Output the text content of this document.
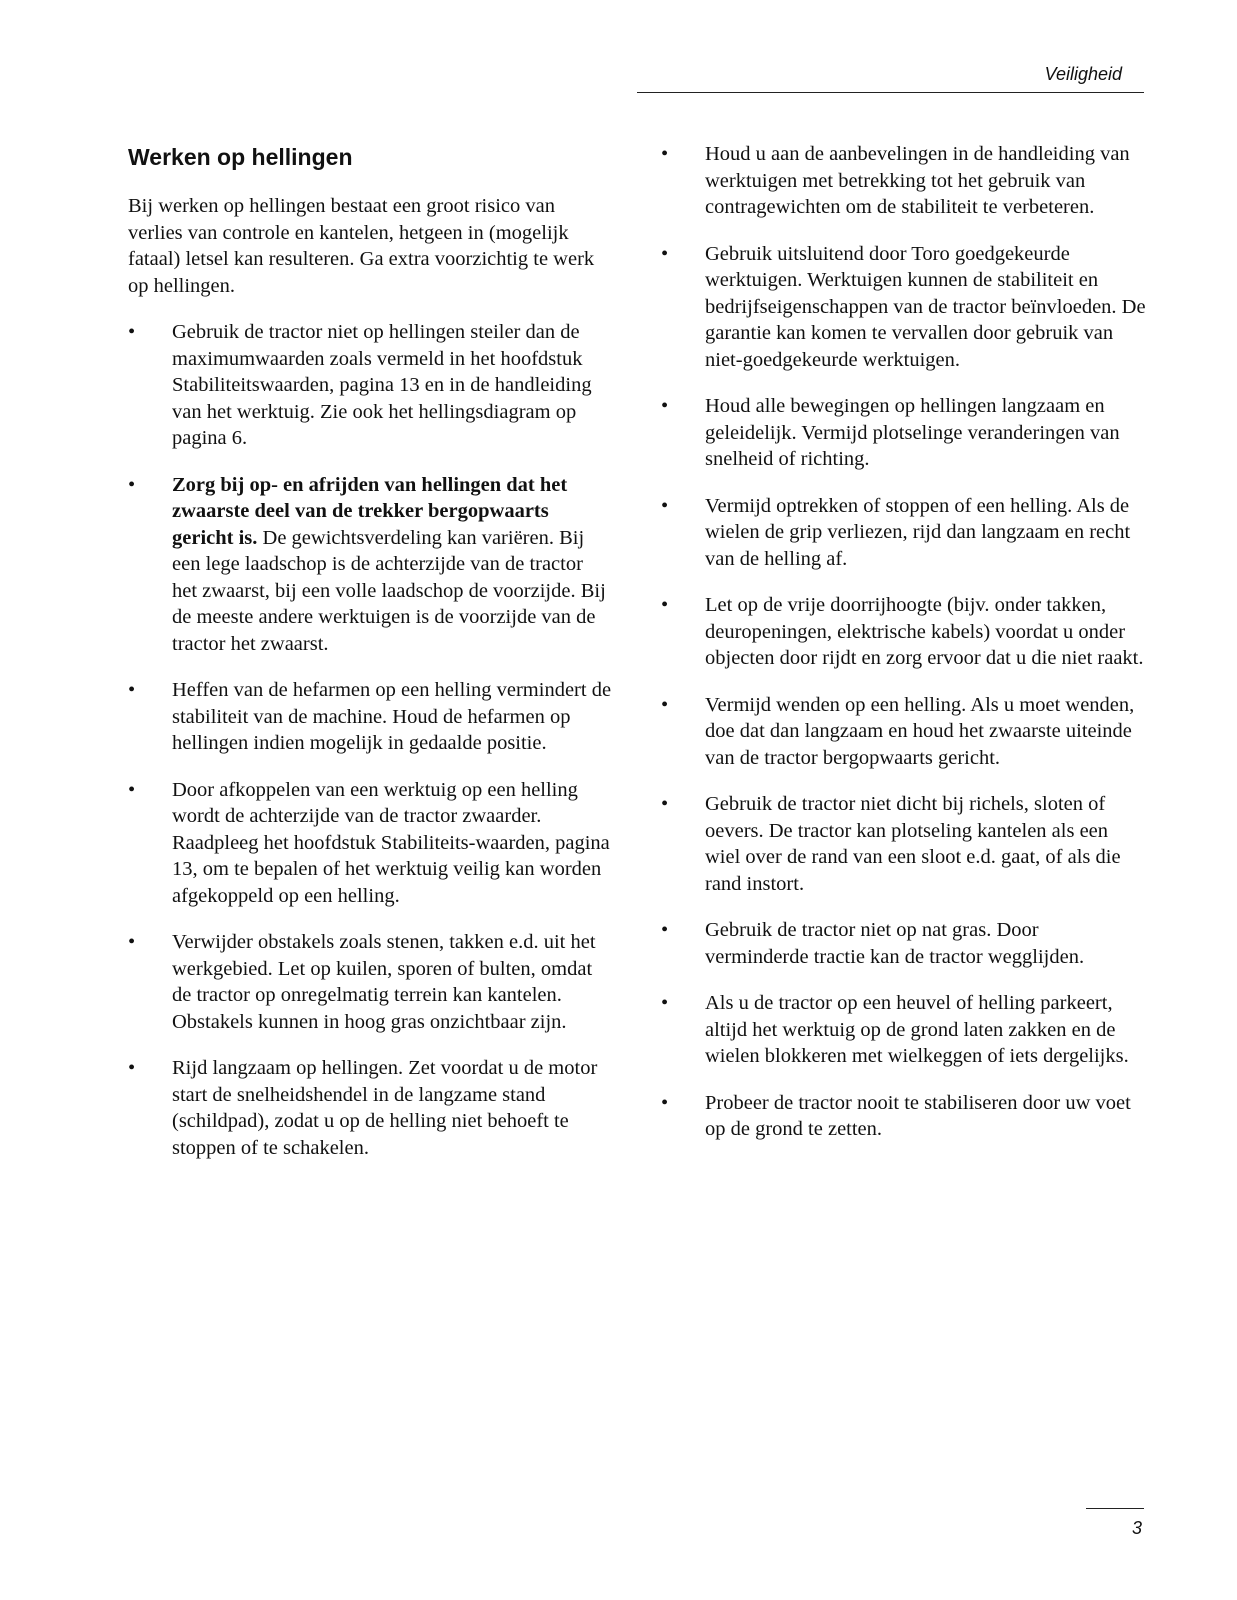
Veiligheid
Werken op hellingen

Bij werken op hellingen bestaat een groot risico van verlies van controle en kantelen, hetgeen in (mogelijk fataal) letsel kan resulteren. Ga extra voorzichtig te werk op hellingen.

• Gebruik de tractor niet op hellingen steiler dan de maximumwaarden zoals vermeld in het hoofdstuk Stabiliteitswaarden, pagina 13 en in de handleiding van het werktuig. Zie ook het hellingsdiagram op pagina 6.
• Zorg bij op- en afrijden van hellingen dat het zwaarste deel van de trekker bergopwaarts gericht is. De gewichtsverdeling kan variëren. Bij een lege laadschop is de achterzijde van de tractor het zwaarst, bij een volle laadschop de voorzijde. Bij de meeste andere werktuigen is de voorzijde van de tractor het zwaarst.
• Heffen van de hefarmen op een helling vermindert de stabiliteit van de machine. Houd de hefarmen op hellingen indien mogelijk in gedaalde positie.
• Door afkoppelen van een werktuig op een helling wordt de achterzijde van de tractor zwaarder. Raadpleeg het hoofdstuk Stabiliteits-waarden, pagina 13, om te bepalen of het werktuig veilig kan worden afgekoppeld op een helling.
• Verwijder obstakels zoals stenen, takken e.d. uit het werkgebied. Let op kuilen, sporen of bulten, omdat de tractor op onregelmatig terrein kan kantelen. Obstakels kunnen in hoog gras onzichtbaar zijn.
• Rijd langzaam op hellingen. Zet voordat u de motor start de snelheidshendel in de langzame stand (schildpad), zodat u op de helling niet behoeft te stoppen of te schakelen.
• Houd u aan de aanbevelingen in de handleiding van werktuigen met betrekking tot het gebruik van contragewichten om de stabiliteit te verbeteren.
• Gebruik uitsluitend door Toro goedgekeurde werktuigen. Werktuigen kunnen de stabiliteit en bedrijfseigenschappen van de tractor beïnvloeden. De garantie kan komen te vervallen door gebruik van niet-goedgekeurde werktuigen.
• Houd alle bewegingen op hellingen langzaam en geleidelijk. Vermijd plotselinge veranderingen van snelheid of richting.
• Vermijd optrekken of stoppen of een helling. Als de wielen de grip verliezen, rijd dan langzaam en recht van de helling af.
• Let op de vrije doorrijhoogte (bijv. onder takken, deuropeningen, elektrische kabels) voordat u onder objecten door rijdt en zorg ervoor dat u die niet raakt.
• Vermijd wenden op een helling. Als u moet wenden, doe dat dan langzaam en houd het zwaarste uiteinde van de tractor bergopwaarts gericht.
• Gebruik de tractor niet dicht bij richels, sloten of oevers. De tractor kan plotseling kantelen als een wiel over de rand van een sloot e.d. gaat, of als die rand instort.
• Gebruik de tractor niet op nat gras. Door verminderde tractie kan de tractor wegglijden.
• Als u de tractor op een heuvel of helling parkeert, altijd het werktuig op de grond laten zakken en de wielen blokkeren met wielkeggen of iets dergelijks.
• Probeer de tractor nooit te stabiliseren door uw voet op de grond te zetten.
3
